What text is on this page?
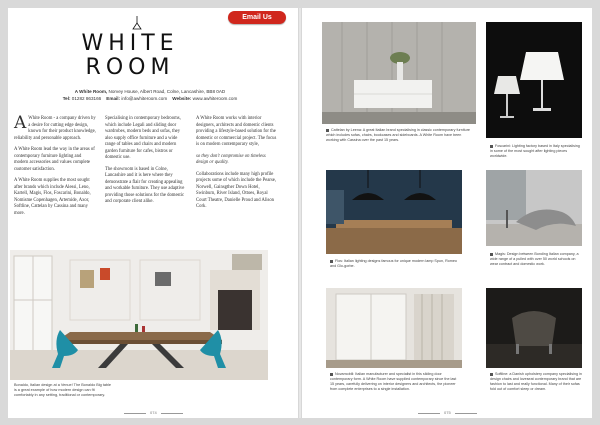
Email Us
WHITE
ROOM
A White Room, Norvey House, Albert Road, Colne, Lancashire, BB8 0AD
Tel: 01282 863166 Email: info@awhiteroom.com Website: www.awhiteroom.com

A White Room - a company driven by a desire for cutting edge design, known for their product knowledge, reliability and personable approach.

A White Room lead the way in the areas of contemporary furniture lighting and modern accessories and values complete customer satisfaction.

A White Room supplies the most sought after brands which include Alessi, Leno, Kartell, Magis, Flos, Foscarini, Bonaldo, Nomisme Copenhagen, Artemide, Axor, Softline, Cattelan by Cassina and many more.

Specialising in contemporary bedrooms, which include Legali and sliding door wardrobes, modern beds and sofas, they also supply office furniture and a wide range of tables and chairs and modern garden furniture for cafes, bistros or domestic use.

The showroom is based in Colne, Lancashire and it is here where they demonstrate a flair for creating appealing and workable furniture. They use adaptive providing those solutions for the domestic and corporate client alike.

A White Room works with interior designers, architects and domestic clients providing a lifestyle-based solution for the domestic or commercial project. The focus is on modern contemporary style,

so they don't compromise on timeless design or quality.

Collaborations include many high profile projects some of which include the Pearse, Norwell, Gainsgther Down Hotel, Swinburn, River Island, Ottoes, Royal Court Theatre, Danielle Proud and Alison Cork.

Bonaldo, Italian design at a Venue! The Bonaldo Big table is a great example of how modern design can fit comfortably in any setting, traditional or contemporary.
074
Cattelan by Leena: A great Italian brand specialising in classic contemporary furniture which includes sofas, chairs, bookcases and sideboards. A White Room have been working with Cassina over the past 15 years.
Foscarini: Lighting factory based in Italy specialising in some of the most sought after lighting pieces worldwide.
Flos: Italian lighting designs famous for unique modern lamp Spun, Romeo and Glo-gorbe.
Magis: Design between Bonding Italian company, a wide range of a pulled with over 50 world schools on wear contract and domestic work.
Novamobili: Italian manufacturer and specialist in this sliding door contemporary form. A White Room have supplied contemporary since the last 15 years, carefully delivering on interior designers and architects, the pioneer from complete enterprises to a single installation.
Softline: a Danish upholstery company specialising in design chairs and loveseat contemporary brand that are fashion to last and really functional. Many of their sofas fold out of comfort sleep or dream.
075
